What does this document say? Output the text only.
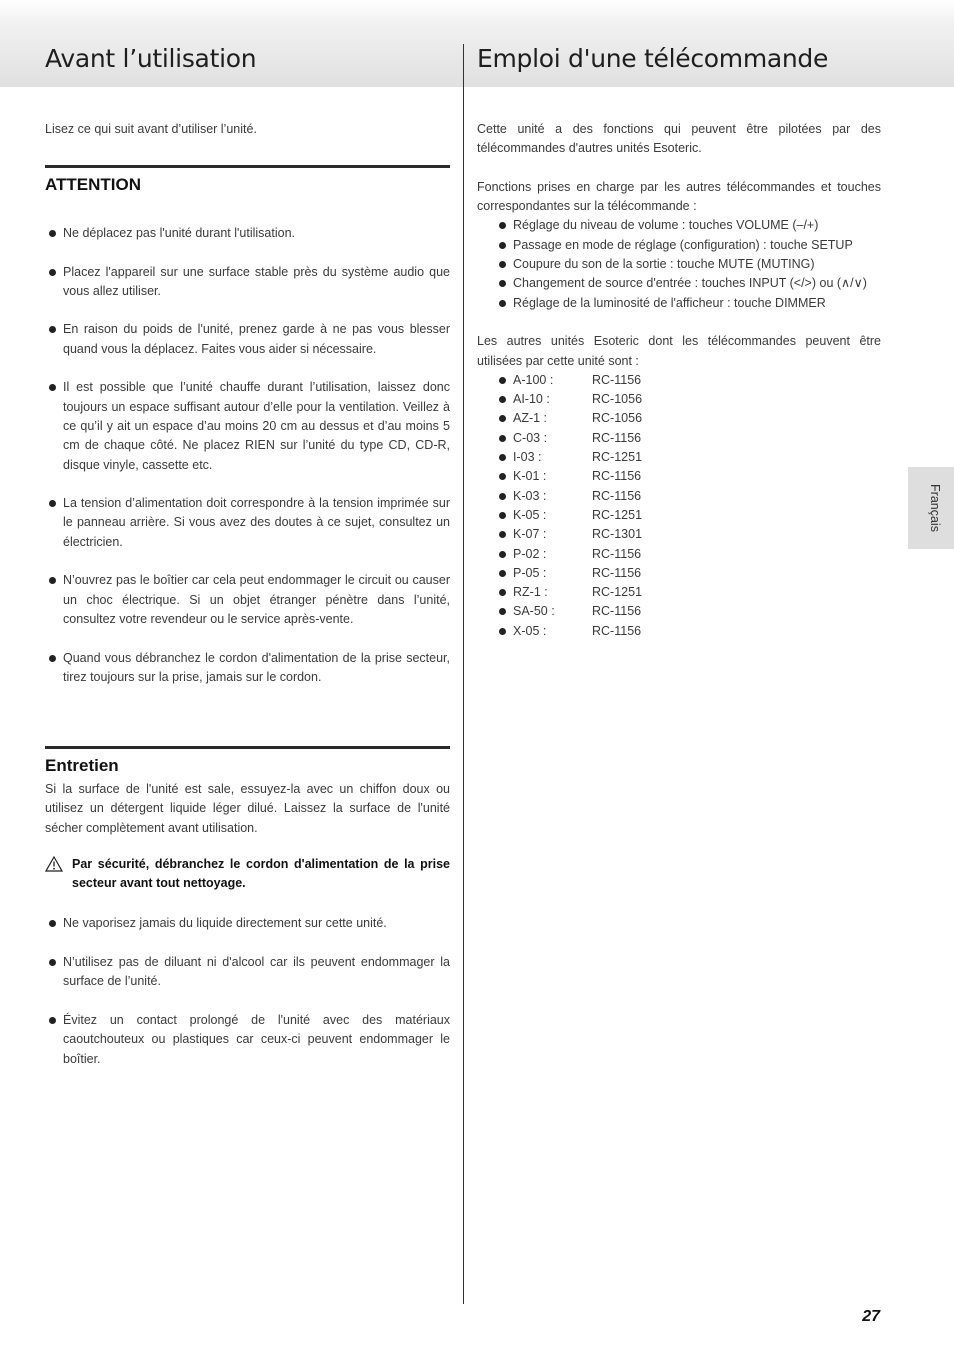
Avant l’utilisation	Emploi d'une télécommande

Lisez ce qui suit avant d’utiliser l’unité.

ATTENTION
Ne déplacez pas l'unité durant l'utilisation.
Placez l'appareil sur une surface stable près du système audio que vous allez utiliser.
En raison du poids de l'unité, prenez garde à ne pas vous blesser quand vous la déplacez. Faites vous aider si nécessaire.
Il est possible que l’unité chauffe durant l’utilisation, laissez donc toujours un espace suffisant autour d’elle pour la ventilation. Veillez à ce qu’il y ait un espace d’au moins 20 cm au dessus et d’au moins 5 cm de chaque côté. Ne placez RIEN sur l’unité du type CD, CD-R, disque vinyle, cassette etc.
La tension d’alimentation doit correspondre à la tension imprimée sur le panneau arrière. Si vous avez des doutes à ce sujet, consultez un électricien.
N’ouvrez pas le boîtier car cela peut endommager le circuit ou causer un choc électrique. Si un objet étranger pénètre dans l’unité, consultez votre revendeur ou le service après-vente.
Quand vous débranchez le cordon d'alimentation de la prise secteur, tirez toujours sur la prise, jamais sur le cordon.
Entretien

Si la surface de l'unité est sale, essuyez-la avec un chiffon doux ou utilisez un détergent liquide léger dilué. Laissez la surface de l'unité sécher complètement avant utilisation.

Par sécurité, débranchez le cordon d'alimentation de la prise secteur avant tout nettoyage.
Ne vaporisez jamais du liquide directement sur cette unité.
N’utilisez pas de diluant ni d'alcool car ils peuvent endommager la surface de l’unité.
Évitez un contact prolongé de l'unité avec des matériaux caoutchouteux ou plastiques car ceux-ci peuvent endommager le boîtier.

Cette unité a des fonctions qui peuvent être pilotées par des télécommandes d'autres unités Esoteric.

Fonctions prises en charge par les autres télécommandes et touches correspondantes sur la télécommande :

Réglage du niveau de volume : touches VOLUME (–/+)
Passage en mode de réglage (configuration) : touche SETUP
Coupure du son de la sortie : touche MUTE (MUTING)
Changement de source d'entrée : touches INPUT (</>) ou (∧/∨)
Réglage de la luminosité de l'afficheur : touche DIMMER

Les autres unités Esoteric dont les télécommandes peuvent être utilisées par cette unité sont :

A-100 :	RC-1156
AI-10 :	RC-1056
AZ-1 :	RC-1056
C-03 :	RC-1156
I-03 :	RC-1251
K-01 :	RC-1156
K-03 :	RC-1156
K-05 :	RC-1251
K-07 :	RC-1301
P-02 :	RC-1156
P-05 :	RC-1156
RZ-1 :	RC-1251
SA-50 :	RC-1156
X-05 :	RC-1156
Français
27
